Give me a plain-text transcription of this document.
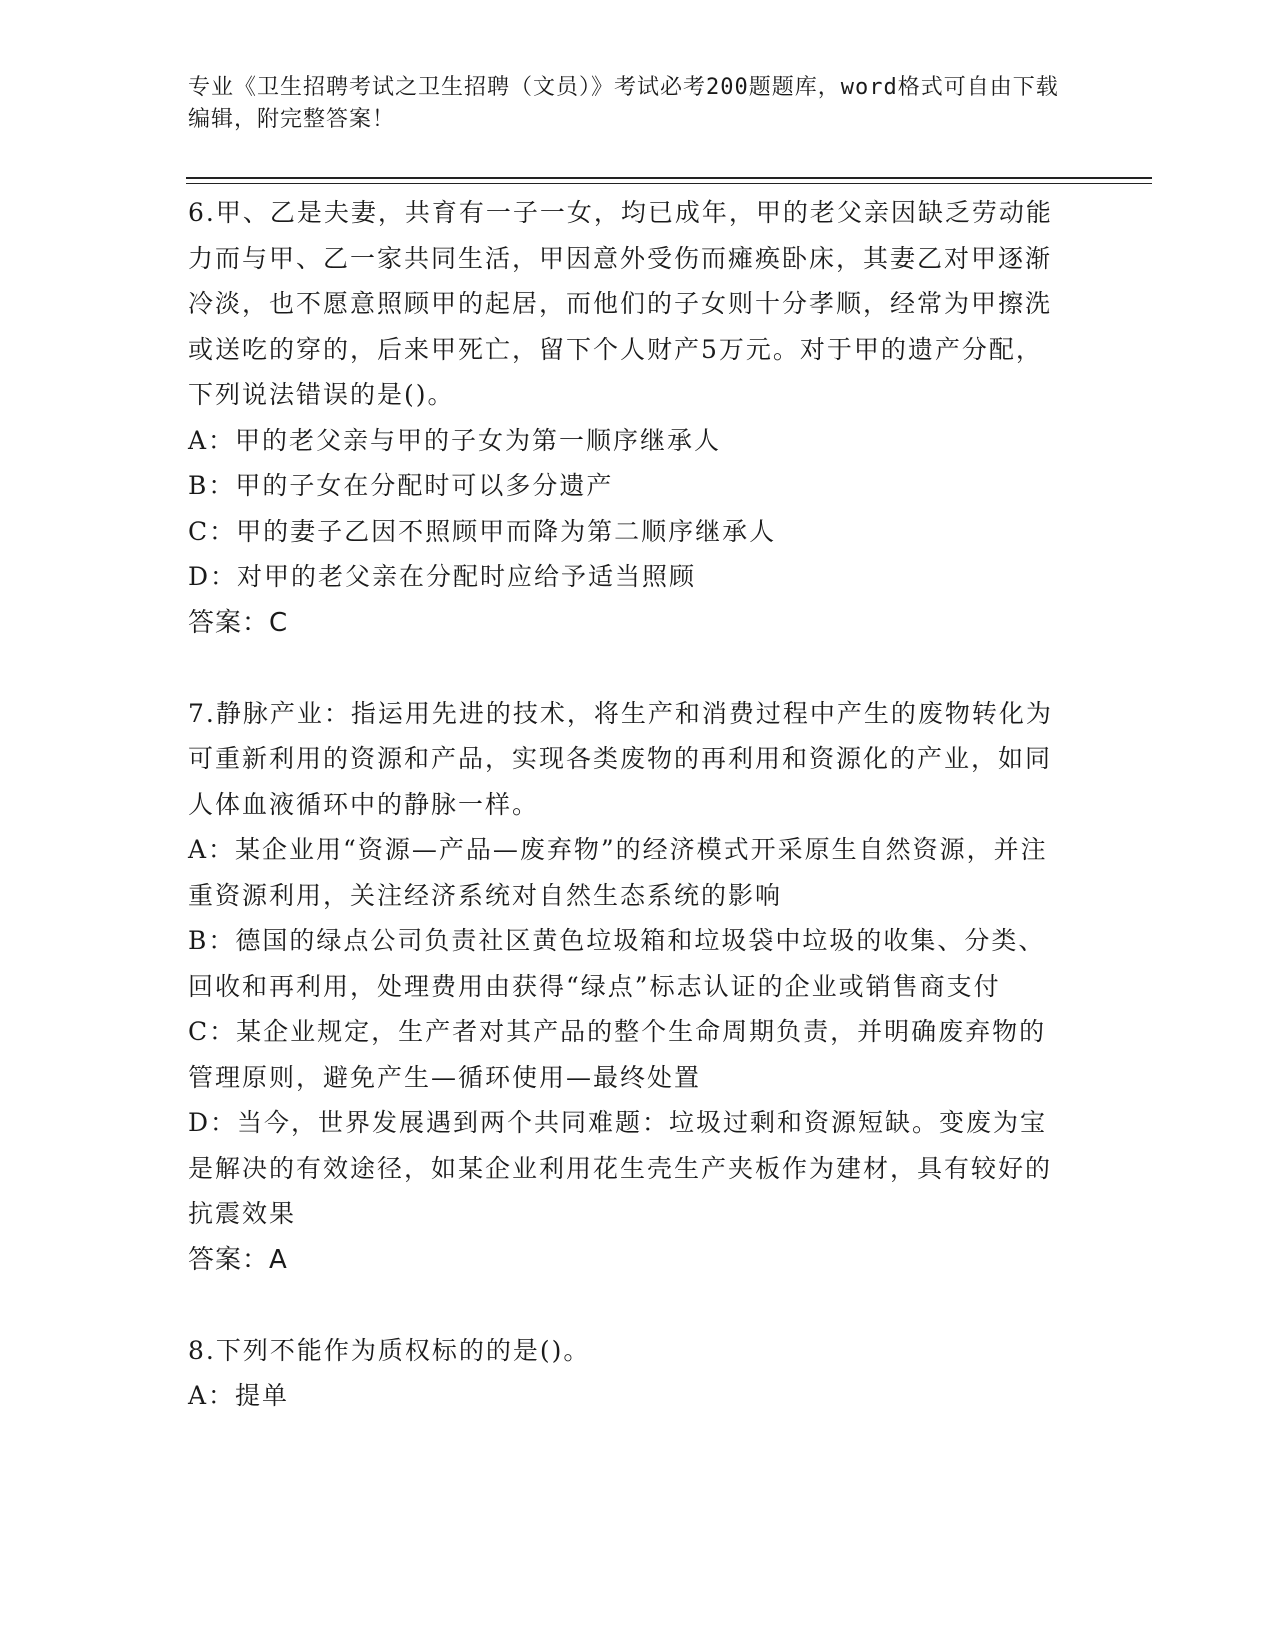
专业《卫生招聘考试之卫生招聘（文员）》考试必考200题题库，word格式可自由下载编辑，附完整答案！

6.甲、乙是夫妻，共育有一子一女，均已成年，甲的老父亲因缺乏劳动能力而与甲、乙一家共同生活，甲因意外受伤而瘫痪卧床，其妻乙对甲逐渐冷淡，也不愿意照顾甲的起居，而他们的子女则十分孝顺，经常为甲擦洗或送吃的穿的，后来甲死亡，留下个人财产5万元。对于甲的遗产分配，下列说法错误的是()。

A：甲的老父亲与甲的子女为第一顺序继承人

B：甲的子女在分配时可以多分遗产

C：甲的妻子乙因不照顾甲而降为第二顺序继承人

D：对甲的老父亲在分配时应给予适当照顾

答案：C

7.静脉产业：指运用先进的技术，将生产和消费过程中产生的废物转化为可重新利用的资源和产品，实现各类废物的再利用和资源化的产业，如同人体血液循环中的静脉一样。

A：某企业用“资源—产品—废弃物”的经济模式开采原生自然资源，并注重资源利用，关注经济系统对自然生态系统的影响

B：德国的绿点公司负责社区黄色垃圾箱和垃圾袋中垃圾的收集、分类、回收和再利用，处理费用由获得“绿点”标志认证的企业或销售商支付

C：某企业规定，生产者对其产品的整个生命周期负责，并明确废弃物的管理原则，避免产生—循环使用—最终处置

D：当今，世界发展遇到两个共同难题：垃圾过剩和资源短缺。变废为宝是解决的有效途径，如某企业利用花生壳生产夹板作为建材，具有较好的抗震效果

答案：A

8.下列不能作为质权标的的是()。

A：提单
